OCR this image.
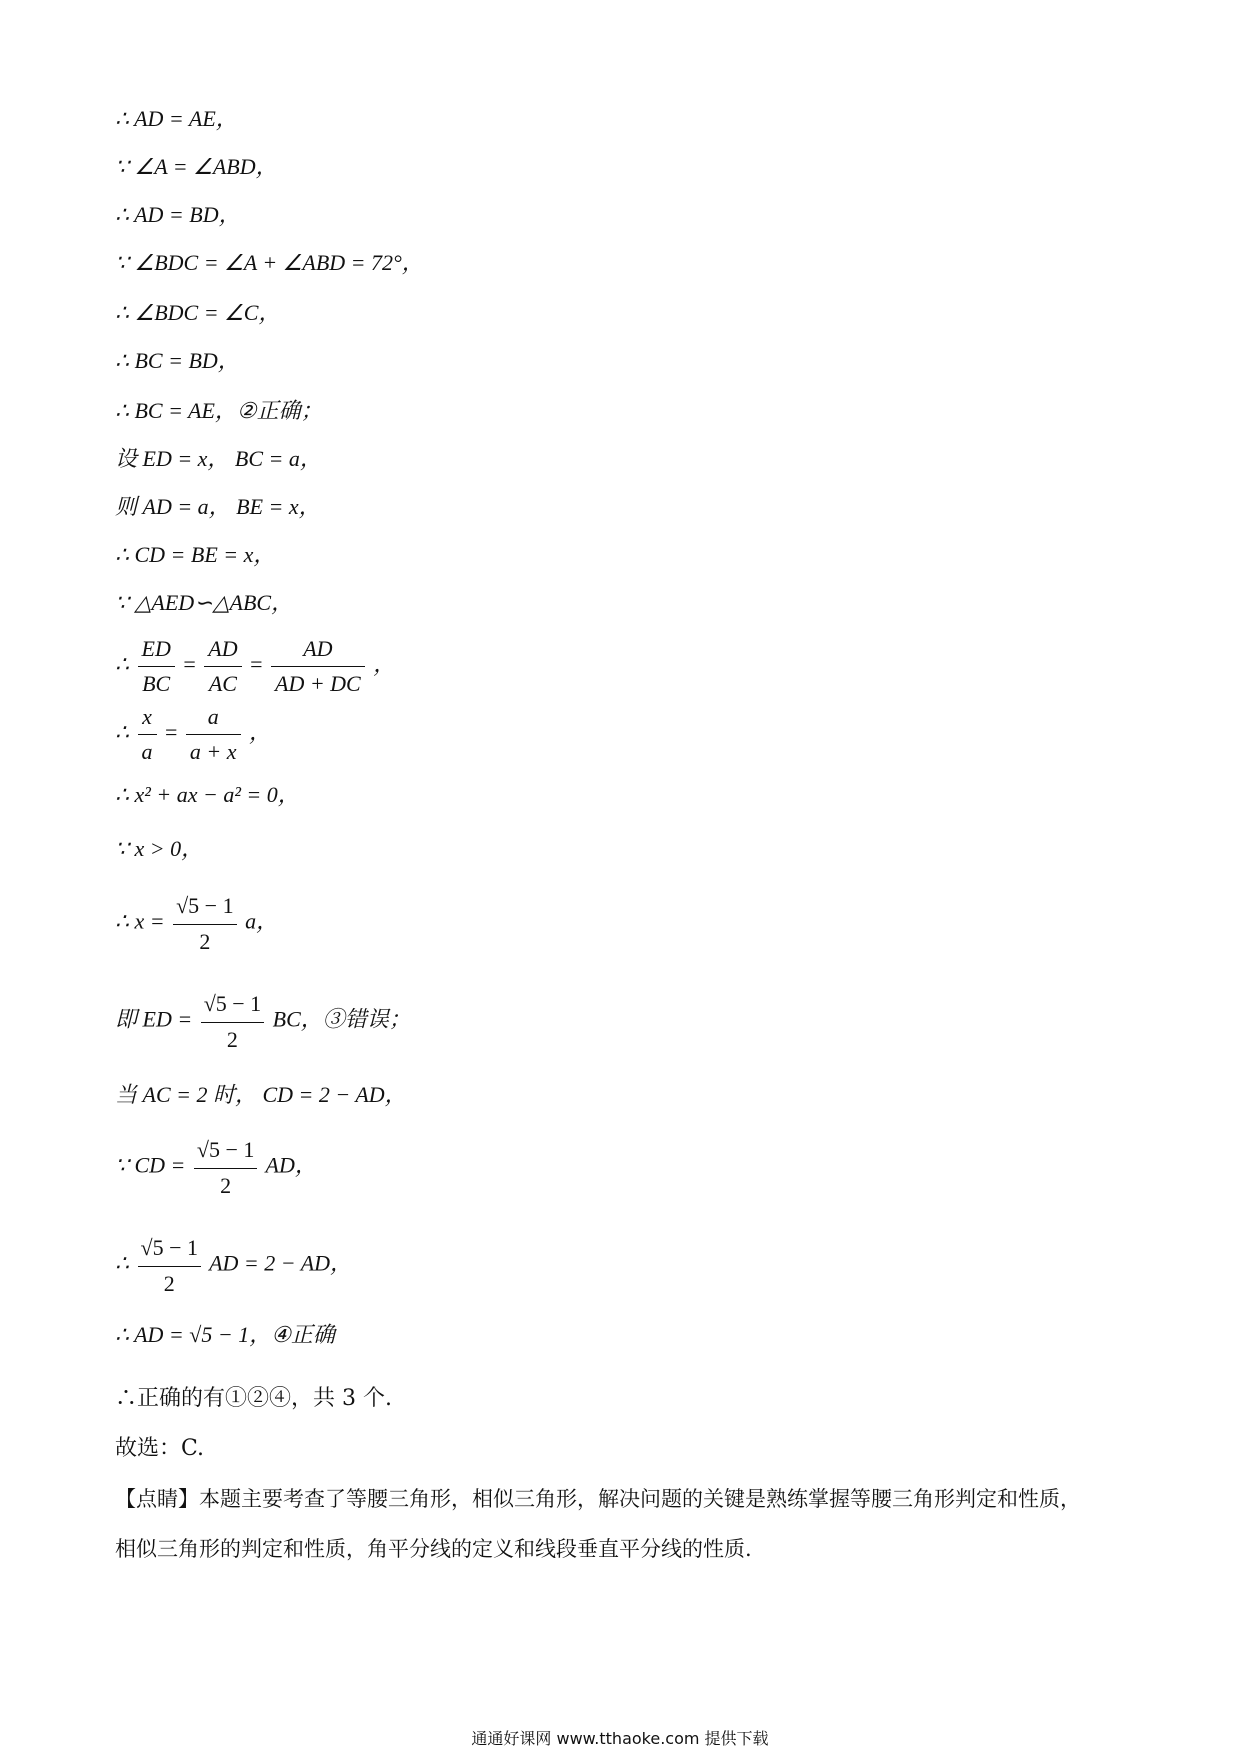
∴ AD = AE，
∵ ∠A = ∠ABD，
∴ AD = BD，
∵ ∠BDC = ∠A + ∠ABD = 72°，
∴ ∠BDC = ∠C，
∴ BC = BD，
∴ BC = AE，②正确；
设 ED = x， BC = a，
则 AD = a， BE = x，
∴ CD = BE = x，
∵ △AED∽△ABC，
∴ $\frac{ED}{BC} = \frac{AD}{AC} = \frac{AD}{AD + DC}$ ，
∴ $\frac{x}{a} = \frac{a}{a + x}$ ，
∴ x² + ax − a² = 0，
∵ x > 0，
∴ $x = \frac{√5 - 1}{2}$ a，
即 ED = $\frac{√5 - 1}{2}$ BC，③错误；
当 AC = 2 时， CD = 2 − AD，
∵ CD = $\frac{√5 - 1}{2}$ AD，
∴ $\frac{√5 - 1}{2}$ AD = 2 − AD，
∴ AD = √5 − 1，④正确
∴正确的有①②④，共 3 个.
故选：C.
【点睛】本题主要考查了等腰三角形，相似三角形，解决问题的关键是熟练掌握等腰三角形判定和性质，
相似三角形的判定和性质，角平分线的定义和线段垂直平分线的性质.
通通好课网 www.tthaoke.com 提供下载
